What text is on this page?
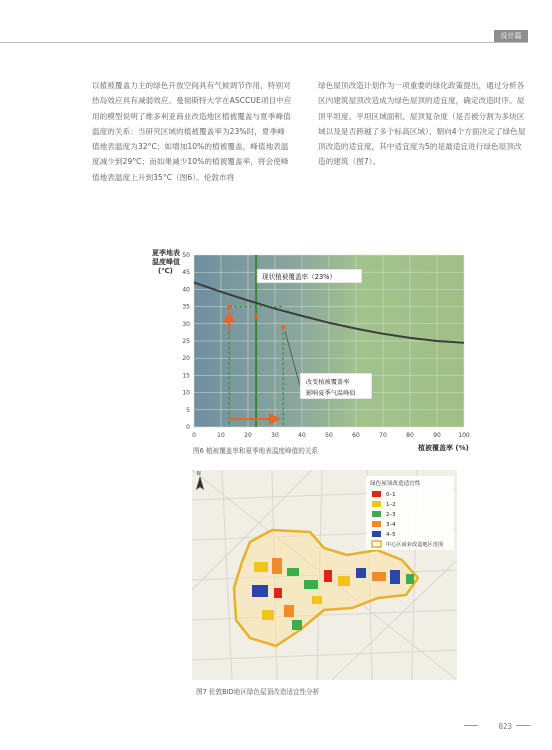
设计篇

以植被覆盖力主的绿色开放空间具有气候调节作用，特别对热岛效应具有减弱效应。曼彻斯特大学在ASCCUE项目中应用的模型说明了维多利亚商业改造地区植被覆盖与夏季峰值温度的关系：当研究区域的植被覆盖率为23%时，夏季峰值地表温度为32°C；如增加10%的植被覆盖，峰值地表温度减少到29°C；而如果减少10%的植被覆盖率，将会使峰值地表温度上升到35°C（图6）。伦敦市将

绿色屋顶改造计划作为一项重要的绿化政策提出，通过分析各区内建筑屋顶改造成为绿色屋顶的适宜度，确定改造时序。屋顶平坦度、平坦区域面积、屋顶复杂度（是否被分割为多块区域以及是否跨越了多个标高区域）、朝向4个方面决定了绿色屋顶改造的适宜度，其中适宜度为5的是最适宜进行绿色屋顶改造的建筑（图7）。

0
5
10
15
20
25
30
35
40
45
50
0	10	20	30	40	50	60	70	80	90	100
夏季地表
温度峰值
(℃)
植被覆盖率 (%)
现状植被覆盖率（23%）
改变植被覆盖率
影响夏季气温峰值
图6 植被覆盖率和夏季地表温度峰值的关系
N
绿色屋顶改造适宜性
0–1
1–2
2–3
3–4
4–5
中心区商业改造地区范围
图7 伦敦BID地区绿色屋顶改造适宜性分析
023
